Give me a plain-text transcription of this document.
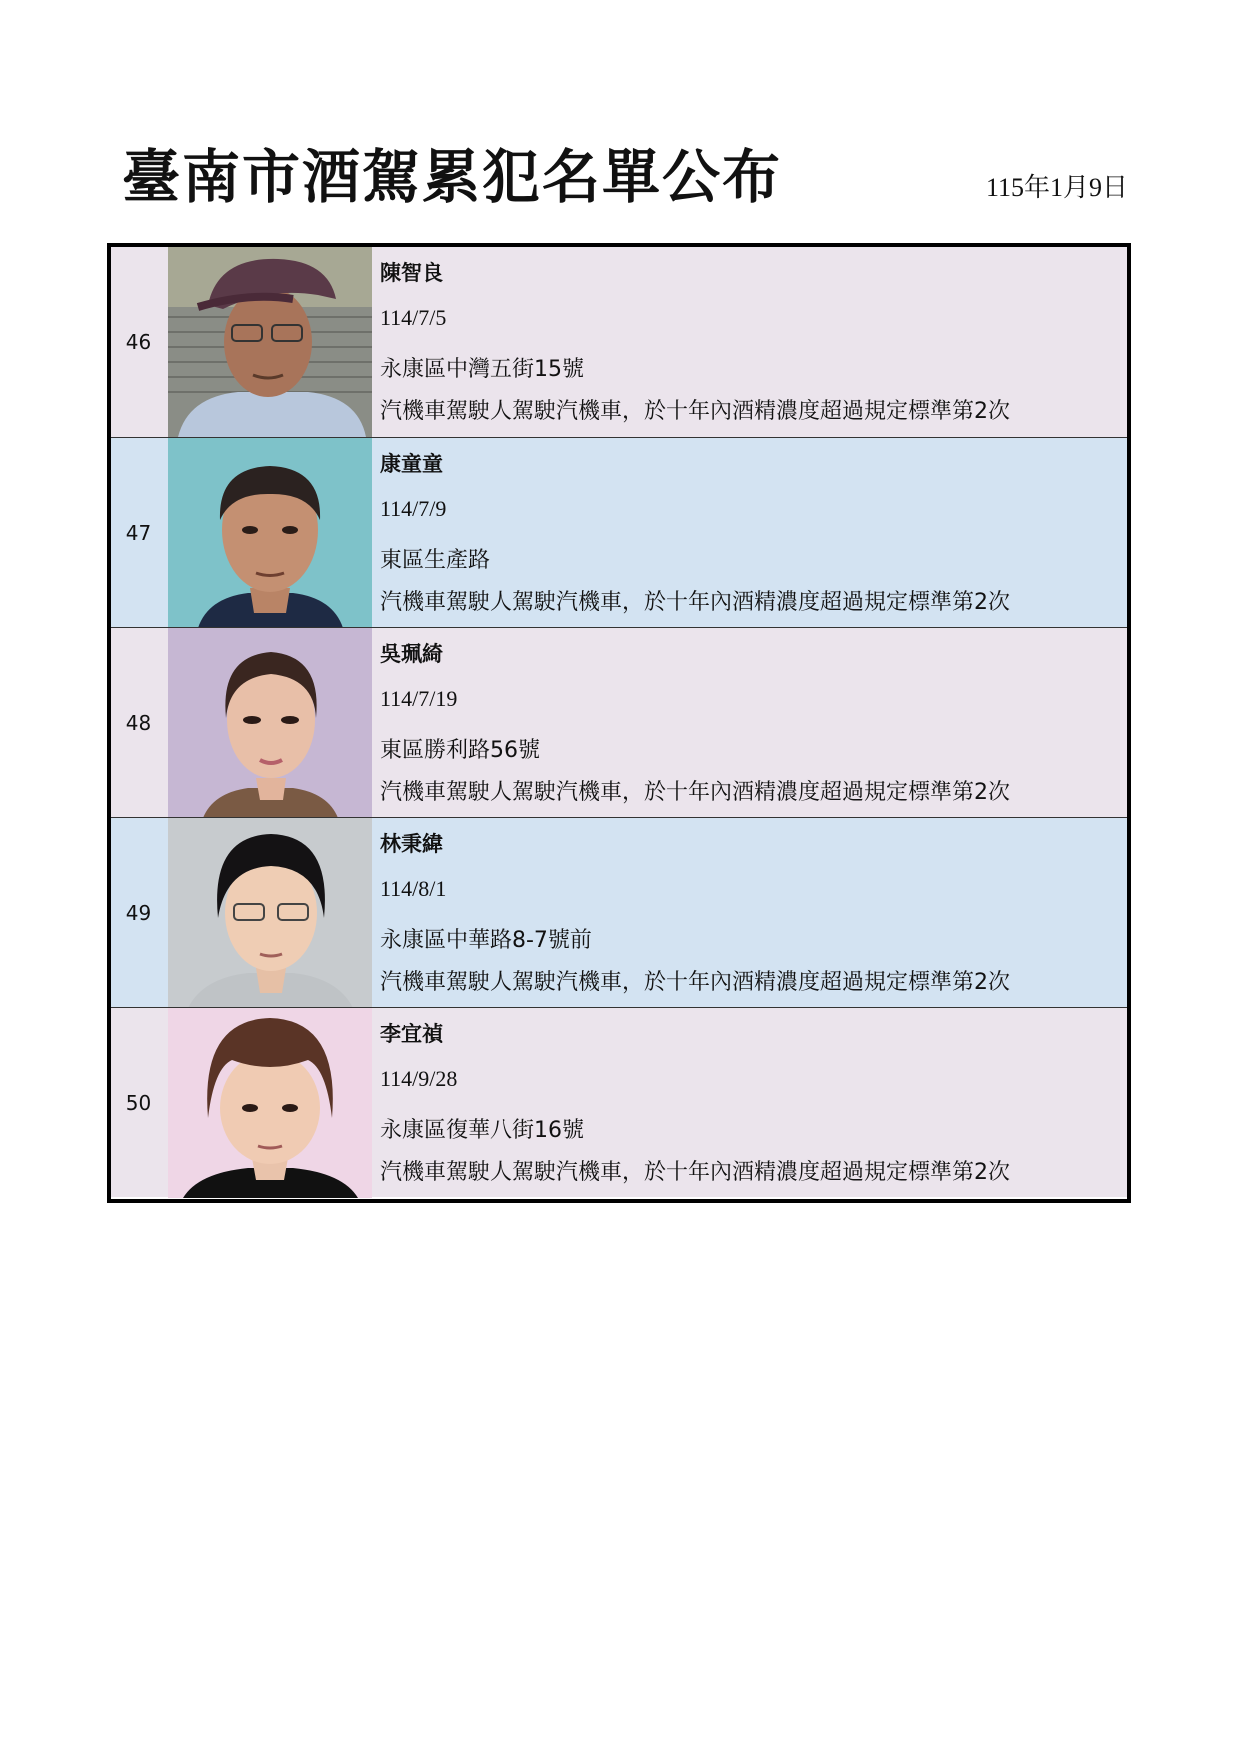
臺南市酒駕累犯名單公布	115年1月9日
46
陳智良
114/7/5
永康區中灣五街15號
汽機車駕駛人駕駛汽機車，於十年內酒精濃度超過規定標準第2次
47
康童童
114/7/9
東區生產路
汽機車駕駛人駕駛汽機車，於十年內酒精濃度超過規定標準第2次
48
吳珮綺
114/7/19
東區勝利路56號
汽機車駕駛人駕駛汽機車，於十年內酒精濃度超過規定標準第2次
49
林秉緯
114/8/1
永康區中華路8-7號前
汽機車駕駛人駕駛汽機車，於十年內酒精濃度超過規定標準第2次
50
李宜禎
114/9/28
永康區復華八街16號
汽機車駕駛人駕駛汽機車，於十年內酒精濃度超過規定標準第2次
